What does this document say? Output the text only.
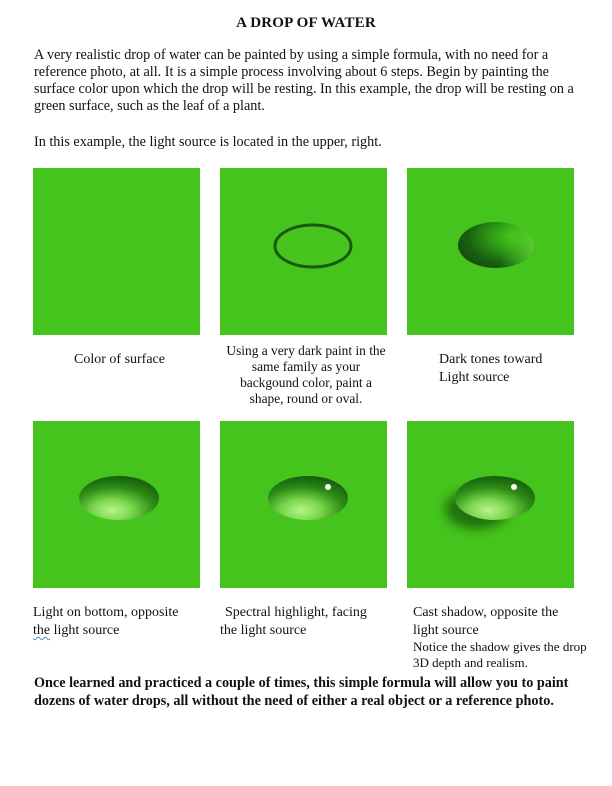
A DROP OF WATER
A very realistic drop of water can be painted by using a simple formula, with no need for a reference photo, at all. It is a simple process involving about 6 steps. Begin by painting the surface color upon which the drop will be resting. In this example, the drop will be resting on a green surface, such as the leaf of a plant.
In this example, the light source is located in the upper, right.
Color of surface
Using a very dark paint in the same family as your backgound color, paint a shape, round or oval.
Dark tones toward
Light source
Light on bottom, opposite
the light source
Spectral highlight, facing
the light source
Cast shadow, opposite the
light source
Notice the shadow gives the drop 3D depth and realism.
Once learned and practiced a couple of times, this simple formula will allow you to paint dozens of water drops, all without the need of either a real object or a reference photo.
